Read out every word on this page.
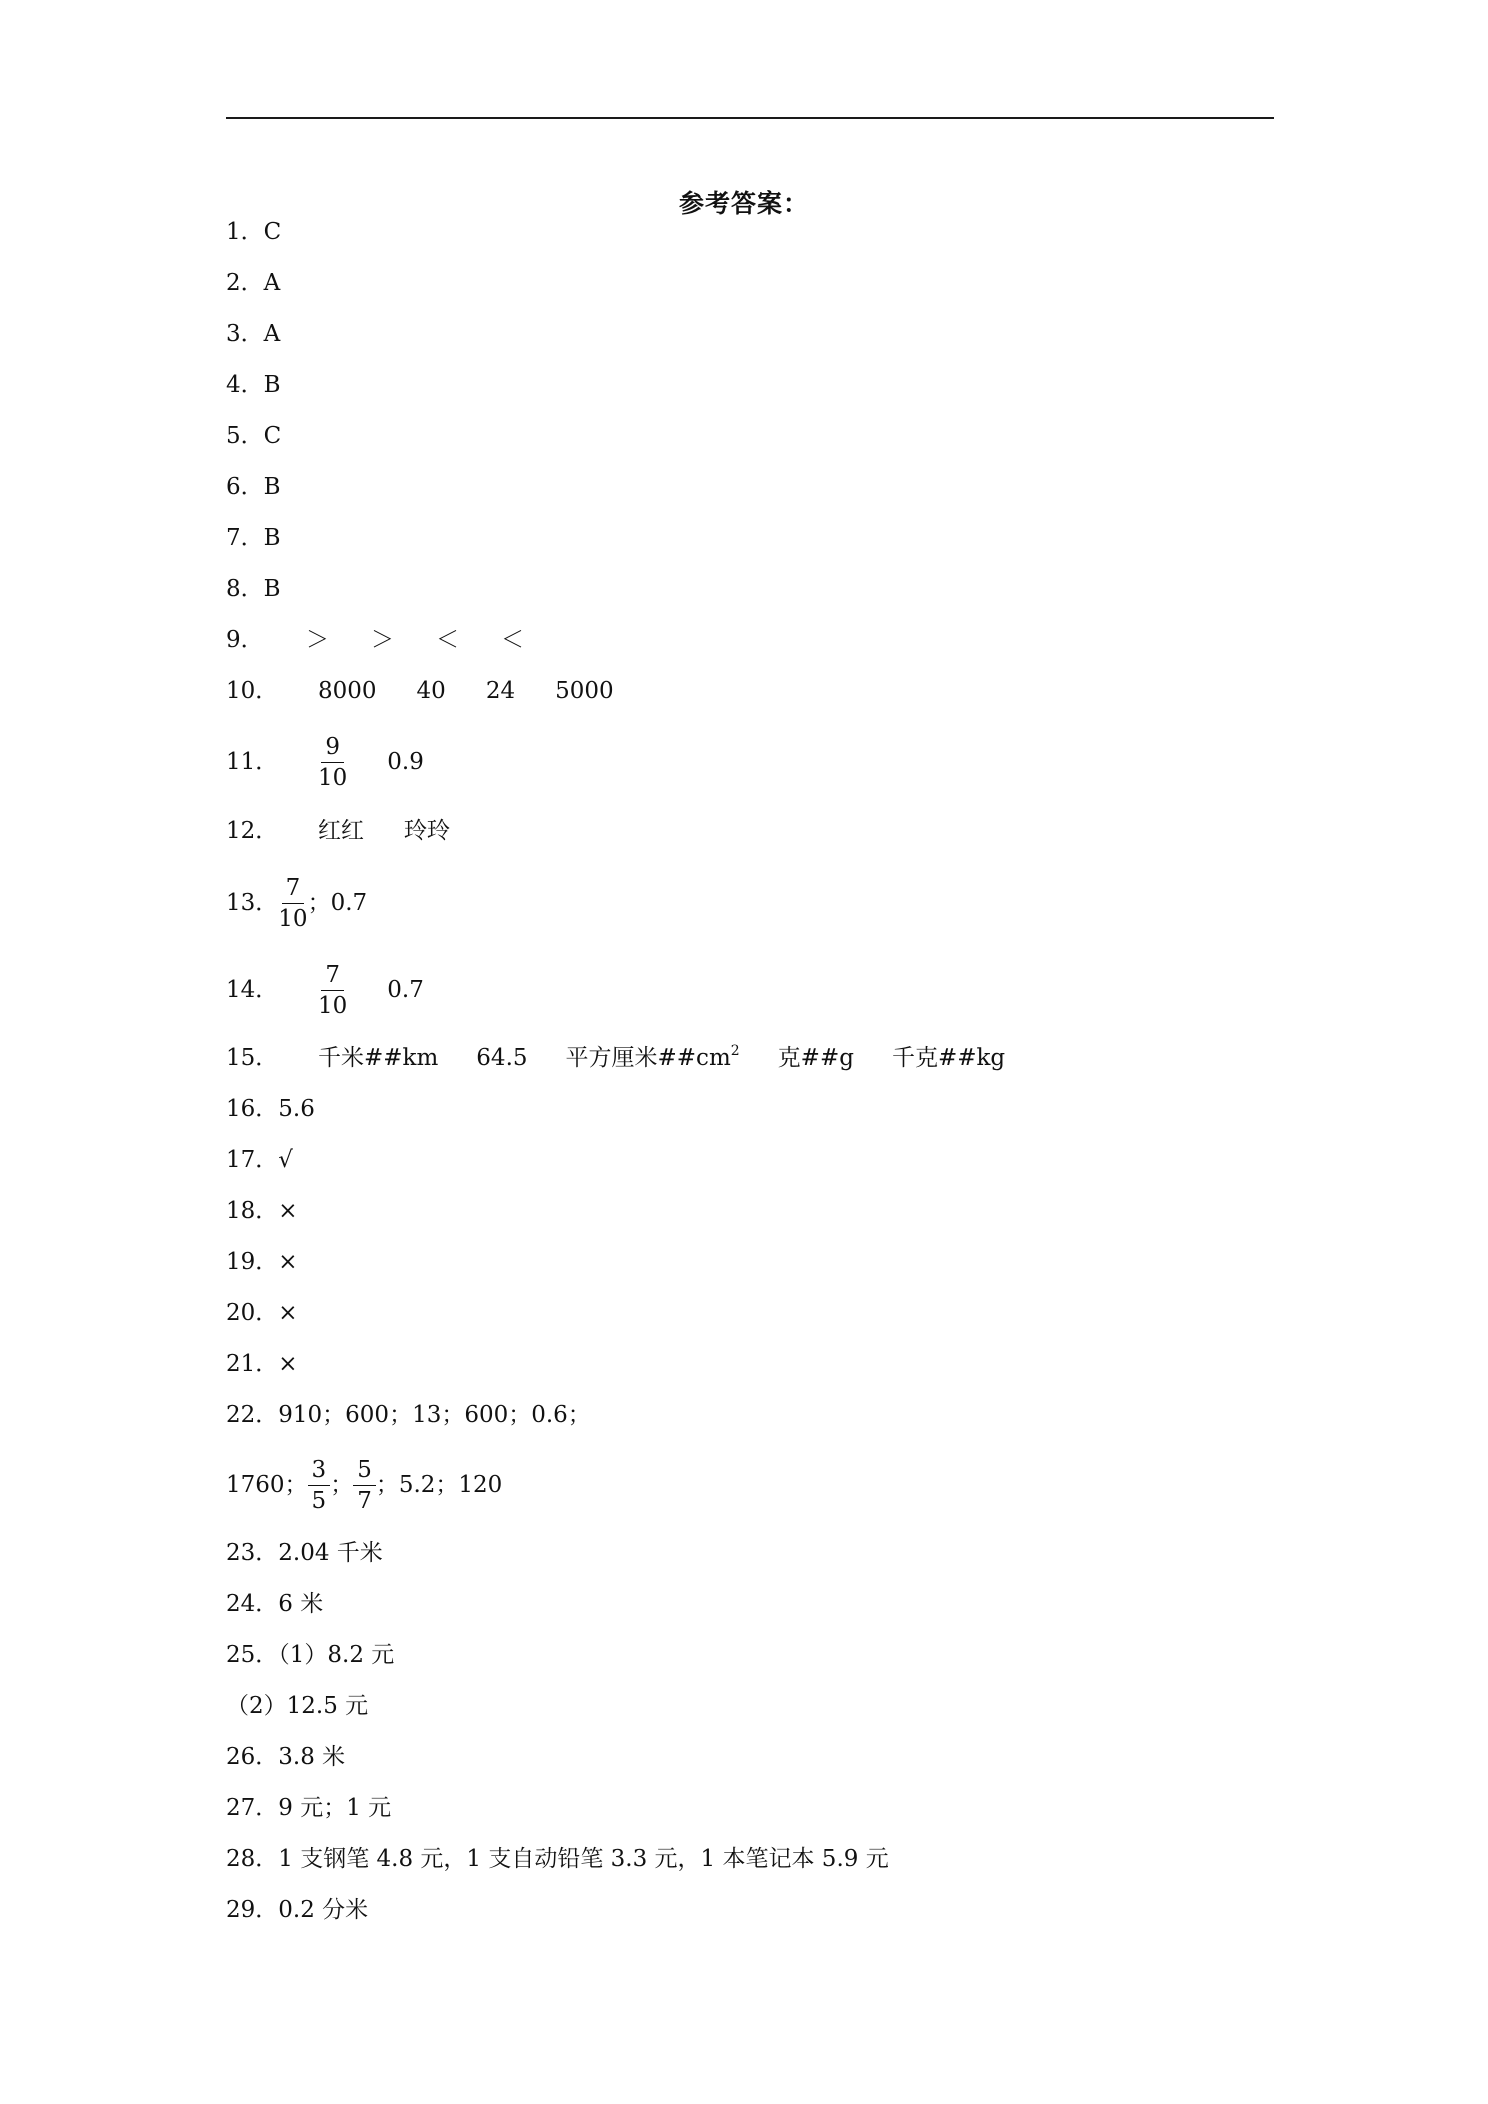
参考答案：
1．C
2．A
3．A
4．B
5．C
6．B
7．B
8．B
9．	＞ ＞ ＜ ＜
10．	8000 40 24 5000
11．	$\frac{9}{10} 0.9$
12．	红红 玲玲
13． $\frac{7}{10}$ ；0.7
14．	$\frac{7}{10} 0.7$
15．	千米##km 64.5 平方厘米$\#\#cm^2$ 克##g 千克##kg
16．5.6
17．√
18．×
19．×
20．×
21．×
22．910；600；13；600；0.6；
1760； $\frac{3}{5}$ ； $\frac{5}{7}$ ；5.2；120
23．2.04 千米
24．6 米
25．（1）8.2 元
（2）12.5 元
26．3.8 米
27．9 元；1 元
28．1 支钢笔 4.8 元，1 支自动铅笔 3.3 元，1 本笔记本 5.9 元
29．0.2 分米
